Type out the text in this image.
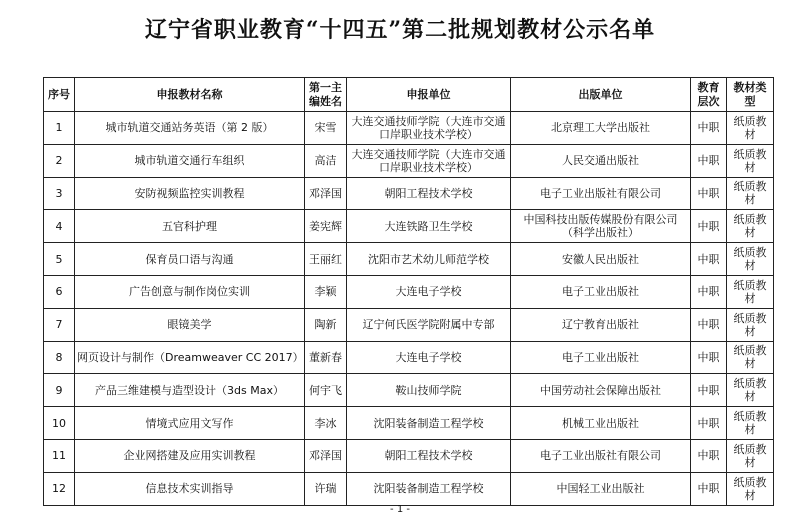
辽宁省职业教育“十四五”第二批规划教材公示名单
序号	申报教材名称	第一主编姓名	申报单位	出版单位	教育层次	教材类型
1	城市轨道交通站务英语（第 2 版）	宋雪	大连交通技师学院（大连市交通口岸职业技术学校）	北京理工大学出版社	中职	纸质教材
2	城市轨道交通行车组织	高洁	大连交通技师学院（大连市交通口岸职业技术学校）	人民交通出版社	中职	纸质教材
3	安防视频监控实训教程	邓泽国	朝阳工程技术学校	电子工业出版社有限公司	中职	纸质教材
4	五官科护理	姜宪辉	大连铁路卫生学校	中国科技出版传媒股份有限公司（科学出版社）	中职	纸质教材
5	保育员口语与沟通	王丽红	沈阳市艺术幼儿师范学校	安徽人民出版社	中职	纸质教材
6	广告创意与制作岗位实训	李颖	大连电子学校	电子工业出版社	中职	纸质教材
7	眼镜美学	陶新	辽宁何氏医学院附属中专部	辽宁教育出版社	中职	纸质教材
8	网页设计与制作（Dreamweaver CC 2017）	董新春	大连电子学校	电子工业出版社	中职	纸质教材
9	产品三维建模与造型设计（3ds Max）	何宇飞	鞍山技师学院	中国劳动社会保障出版社	中职	纸质教材
10	情境式应用文写作	李冰	沈阳装备制造工程学校	机械工业出版社	中职	纸质教材
11	企业网搭建及应用实训教程	邓泽国	朝阳工程技术学校	电子工业出版社有限公司	中职	纸质教材
12	信息技术实训指导	许瑞	沈阳装备制造工程学校	中国轻工业出版社	中职	纸质教材
- 1 -
